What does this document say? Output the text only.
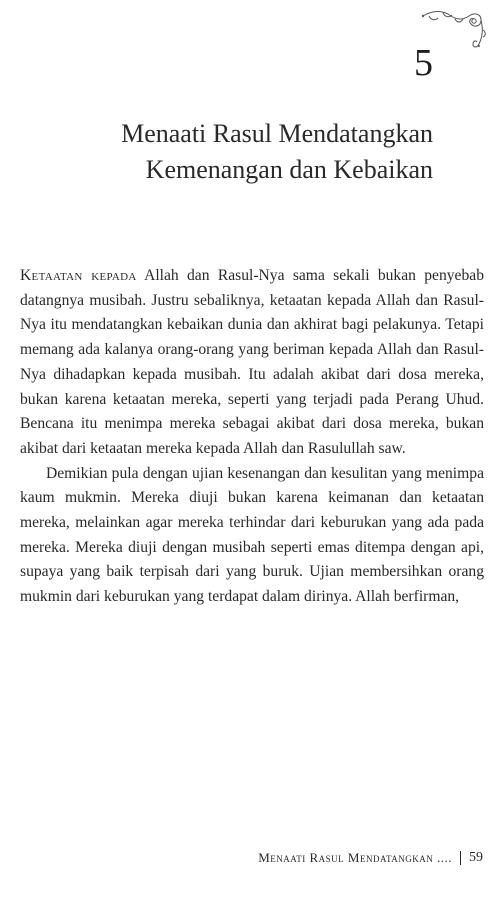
5
Menaati Rasul Mendatangkan
Kemenangan dan Kebaikan

Ketaatan kepada Allah dan Rasul-Nya sama sekali bukan penyebab datangnya musibah. Justru sebaliknya, ketaatan kepada Allah dan Rasul-Nya itu mendatangkan kebaikan dunia dan akhirat bagi pelakunya. Tetapi memang ada kalanya orang-orang yang beriman kepada Allah dan Rasul-Nya dihadapkan kepada musibah. Itu adalah akibat dari dosa mereka, bukan karena ketaatan mereka, seperti yang terjadi pada Perang Uhud. Bencana itu menimpa mereka sebagai akibat dari dosa mereka, bukan akibat dari ketaatan mereka kepada Allah dan Rasulullah saw.

Demikian pula dengan ujian kesenangan dan kesulitan yang menimpa kaum mukmin. Mereka diuji bukan karena keimanan dan ketaatan mereka, melainkan agar mereka terhindar dari keburukan yang ada pada mereka. Mereka diuji dengan musibah seperti emas ditempa dengan api, supaya yang baik terpisah dari yang buruk. Ujian membersihkan orang mukmin dari keburukan yang terdapat dalam dirinya. Allah berfirman,

Menaati Rasul Mendatangkan .... 59
